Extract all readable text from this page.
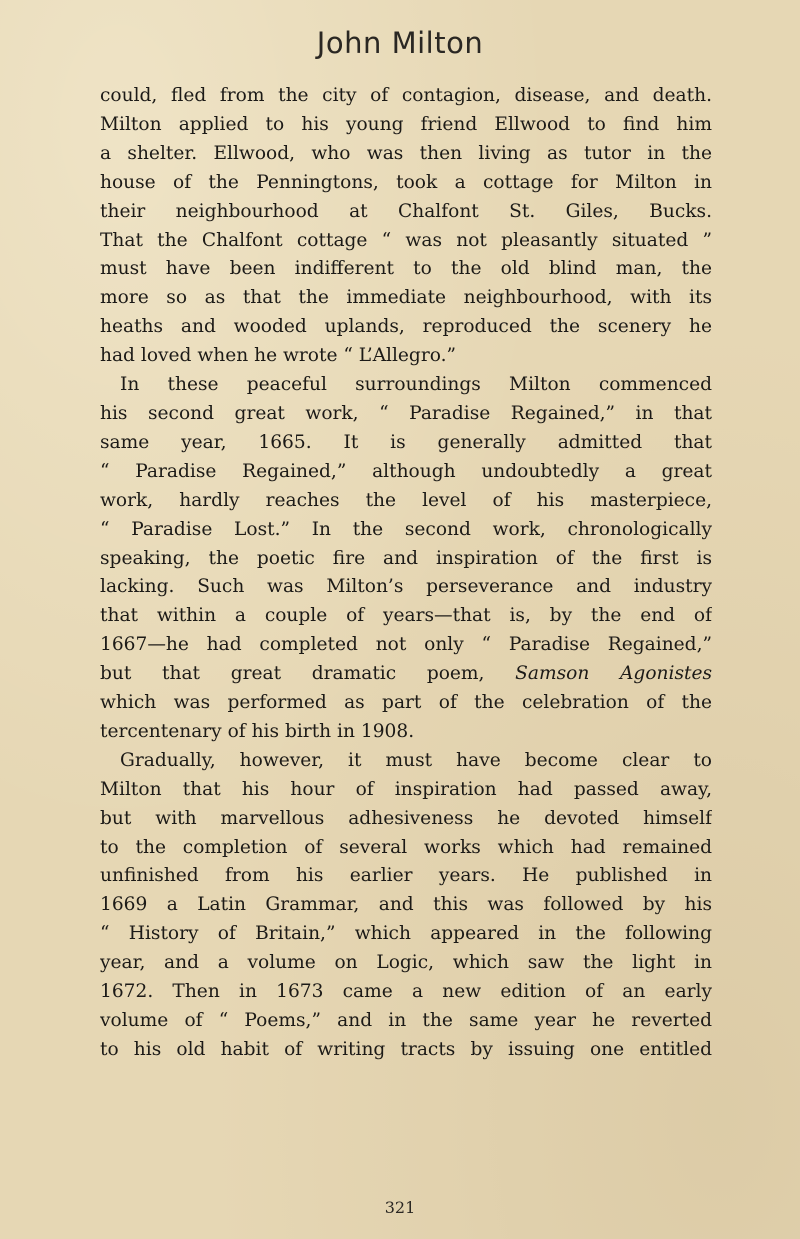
John Milton
could, fled from the city of contagion, disease, and death.
Milton applied to his young friend Ellwood to find him
a shelter. Ellwood, who was then living as tutor in the
house of the Penningtons, took a cottage for Milton in
their neighbourhood at Chalfont St. Giles, Bucks.
That the Chalfont cottage “ was not pleasantly situated ”
must have been indifferent to the old blind man, the
more so as that the immediate neighbourhood, with its
heaths and wooded uplands, reproduced the scenery he
had loved when he wrote “ L’Allegro.”
In these peaceful surroundings Milton commenced
his second great work, “ Paradise Regained,” in that
same year, 1665. It is generally admitted that
“ Paradise Regained,” although undoubtedly a great
work, hardly reaches the level of his masterpiece,
“ Paradise Lost.” In the second work, chronologically
speaking, the poetic fire and inspiration of the first is
lacking. Such was Milton’s perseverance and industry
that within a couple of years—that is, by the end of
1667—he had completed not only “ Paradise Regained,”
but that great dramatic poem, Samson Agonistes
which was performed as part of the celebration of the
tercentenary of his birth in 1908.
Gradually, however, it must have become clear to
Milton that his hour of inspiration had passed away,
but with marvellous adhesiveness he devoted himself
to the completion of several works which had remained
unfinished from his earlier years. He published in
1669 a Latin Grammar, and this was followed by his
“ History of Britain,” which appeared in the following
year, and a volume on Logic, which saw the light in
1672. Then in 1673 came a new edition of an early
volume of “ Poems,” and in the same year he reverted
to his old habit of writing tracts by issuing one entitled
321
